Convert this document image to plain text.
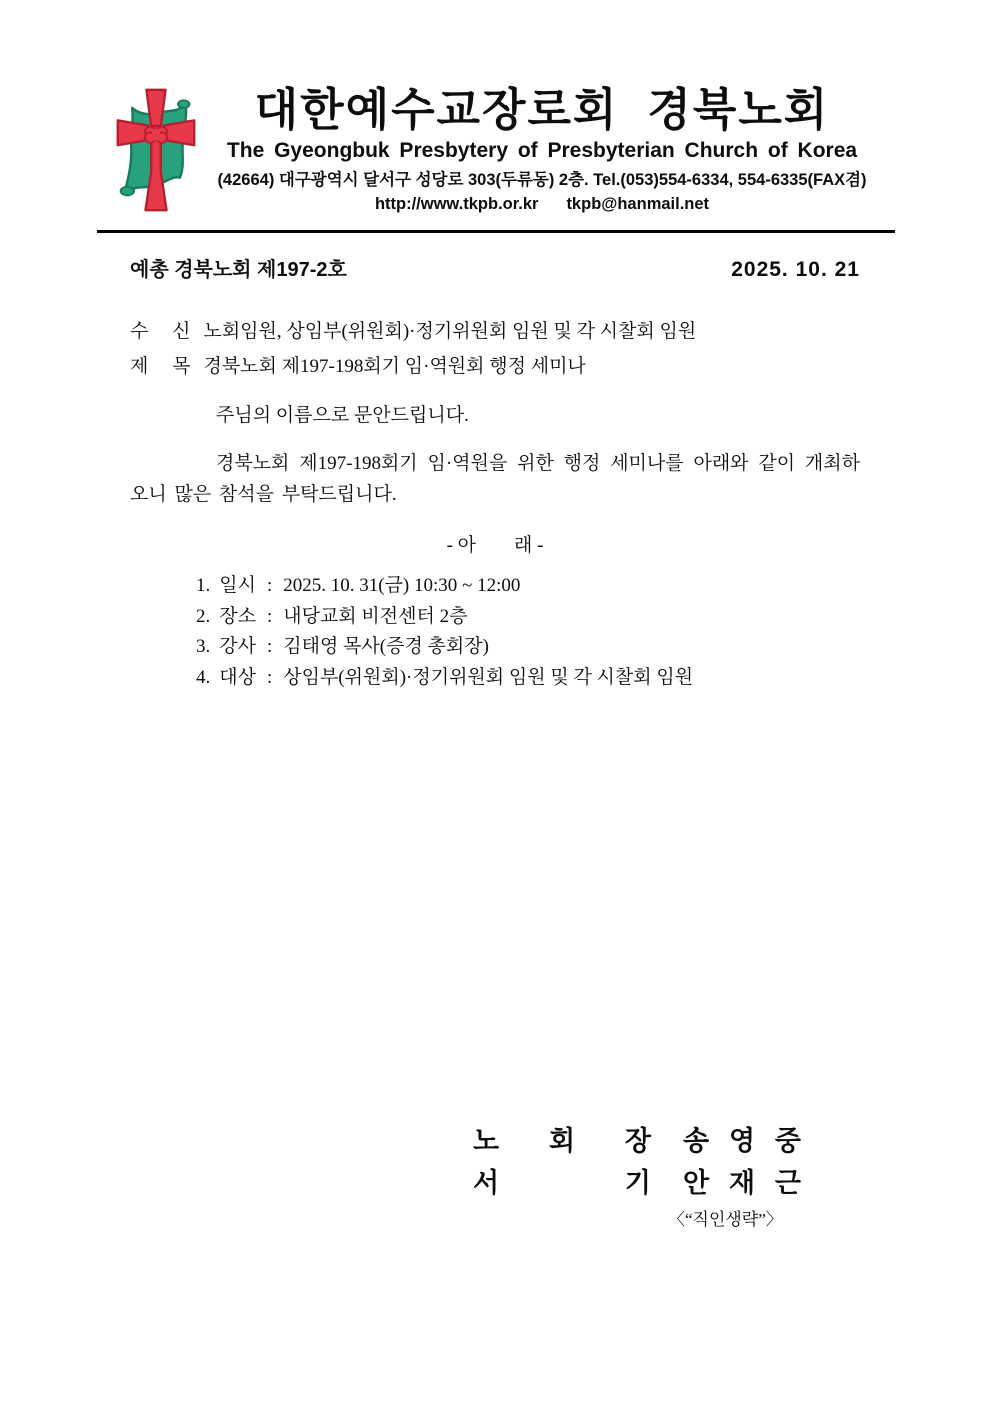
대한예수교장로회  경북노회
The Gyeongbuk Presbytery of Presbyterian Church of Korea
(42664) 대구광역시 달서구 성당로 303(두류동) 2층. Tel.(053)554-6334, 554-6335(FAX겸)
http://www.tkpb.or.kr tkpb@hanmail.net
예총 경북노회 제197-2호	2025. 10. 21
수     신 노회임원, 상임부(위원회)·정기위원회 임원 및 각 시찰회 임원
제     목 경북노회 제197-198회기 임·역원회 행정 세미나

주님의 이름으로 문안드립니다.

경북노회 제197-198회기 임·역원을 위한 행정 세미나를 아래와 같이 개최하오니 많은 참석을 부탁드립니다.

- 아        래 -

1. 일시 : 2025. 10. 31(금) 10:30 ~ 12:00
2. 장소 : 내당교회 비전센터 2층
3. 강사 : 김태영 목사(증경 총회장)
4. 대상 : 상임부(위원회)·정기위원회 임원 및 각 시찰회 임원
노 회 장 송 영 중
서	기 안 재 근
〈“직인생략”〉
